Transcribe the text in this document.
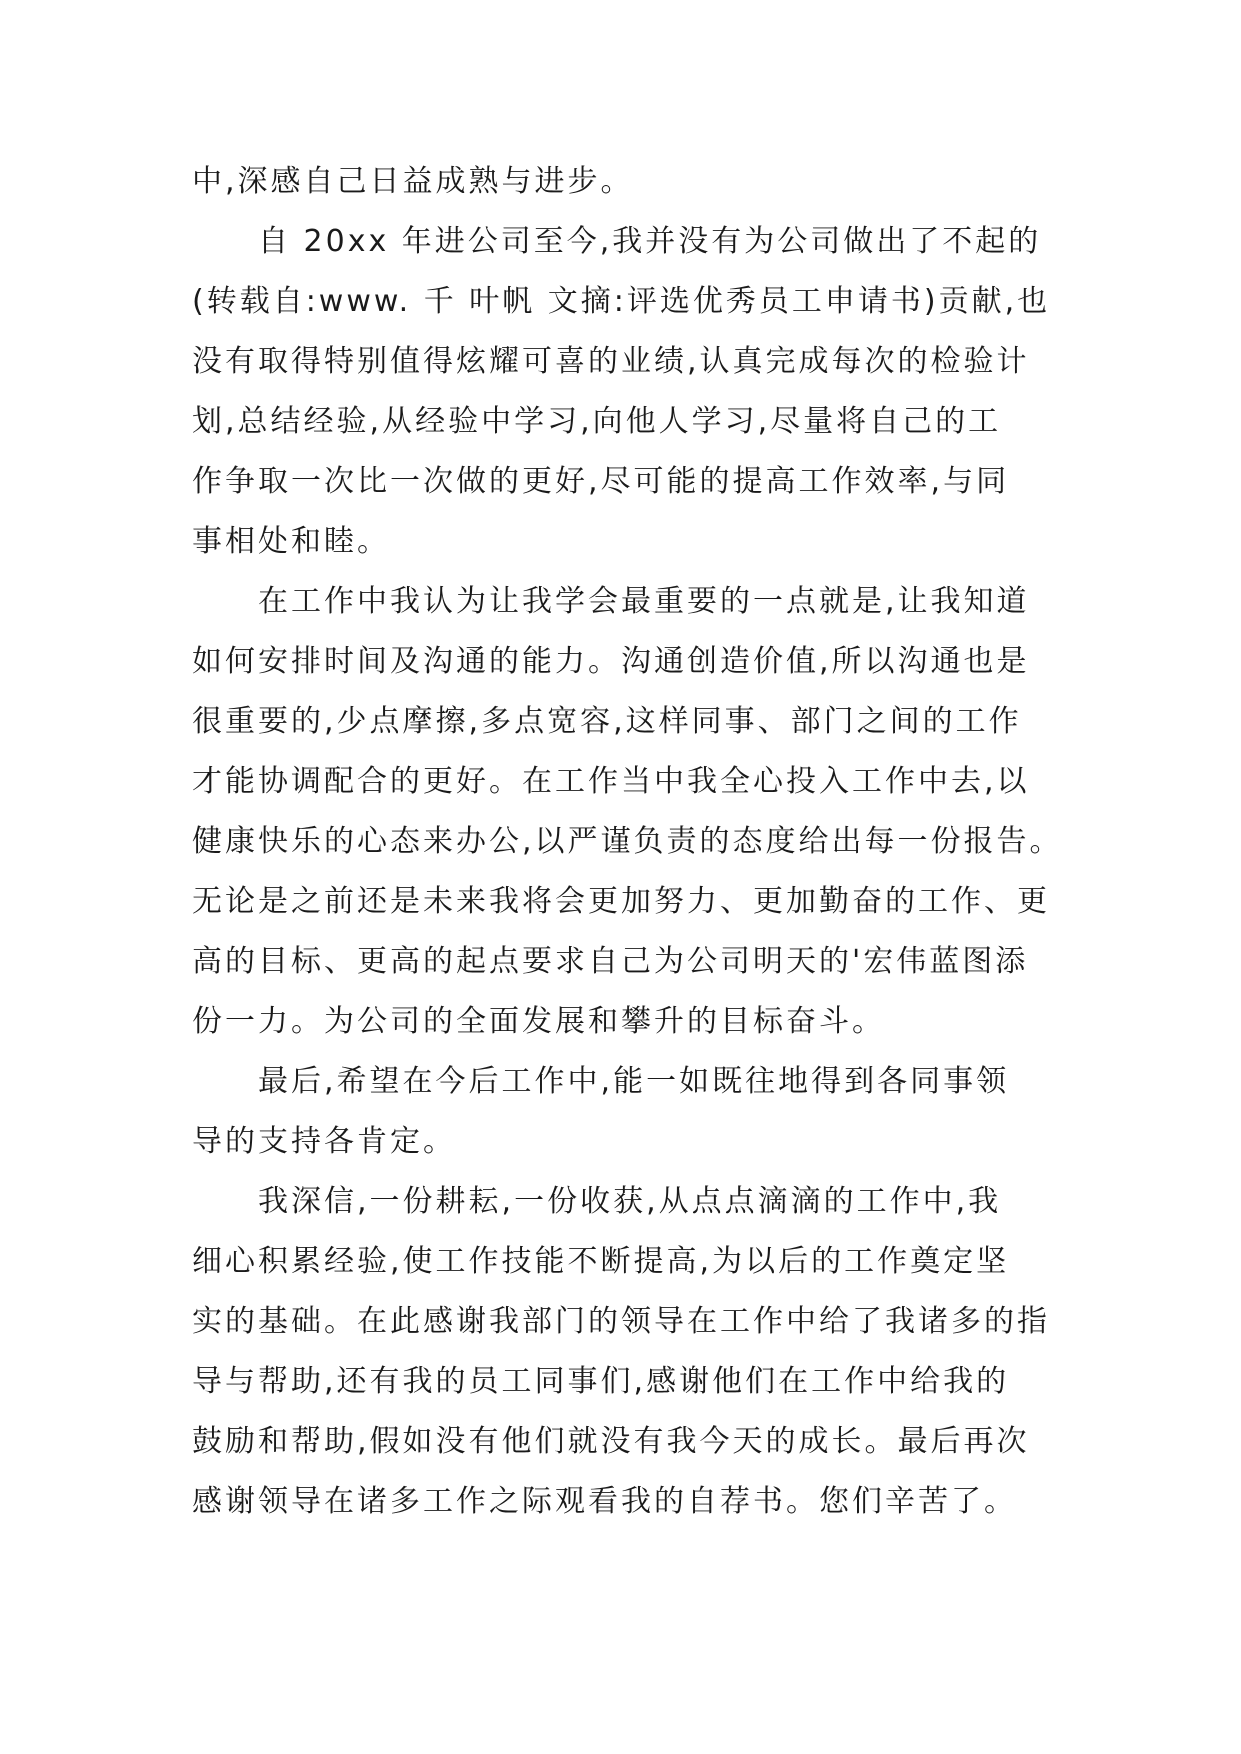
中,深感自己日益成熟与进步。
自 20xx 年进公司至今,我并没有为公司做出了不起的
(转载自:www. 千 叶帆 文摘:评选优秀员工申请书)贡献,也
没有取得特别值得炫耀可喜的业绩,认真完成每次的检验计
划,总结经验,从经验中学习,向他人学习,尽量将自己的工
作争取一次比一次做的更好,尽可能的提高工作效率,与同
事相处和睦。
在工作中我认为让我学会最重要的一点就是,让我知道
如何安排时间及沟通的能力。沟通创造价值,所以沟通也是
很重要的,少点摩擦,多点宽容,这样同事、部门之间的工作
才能协调配合的更好。在工作当中我全心投入工作中去,以
健康快乐的心态来办公,以严谨负责的态度给出每一份报告。
无论是之前还是未来我将会更加努力、更加勤奋的工作、更
高的目标、更高的起点要求自己为公司明天的'宏伟蓝图添
份一力。为公司的全面发展和攀升的目标奋斗。
最后,希望在今后工作中,能一如既往地得到各同事领
导的支持各肯定。
我深信,一份耕耘,一份收获,从点点滴滴的工作中,我
细心积累经验,使工作技能不断提高,为以后的工作奠定坚
实的基础。在此感谢我部门的领导在工作中给了我诸多的指
导与帮助,还有我的员工同事们,感谢他们在工作中给我的
鼓励和帮助,假如没有他们就没有我今天的成长。最后再次
感谢领导在诸多工作之际观看我的自荐书。您们辛苦了。
